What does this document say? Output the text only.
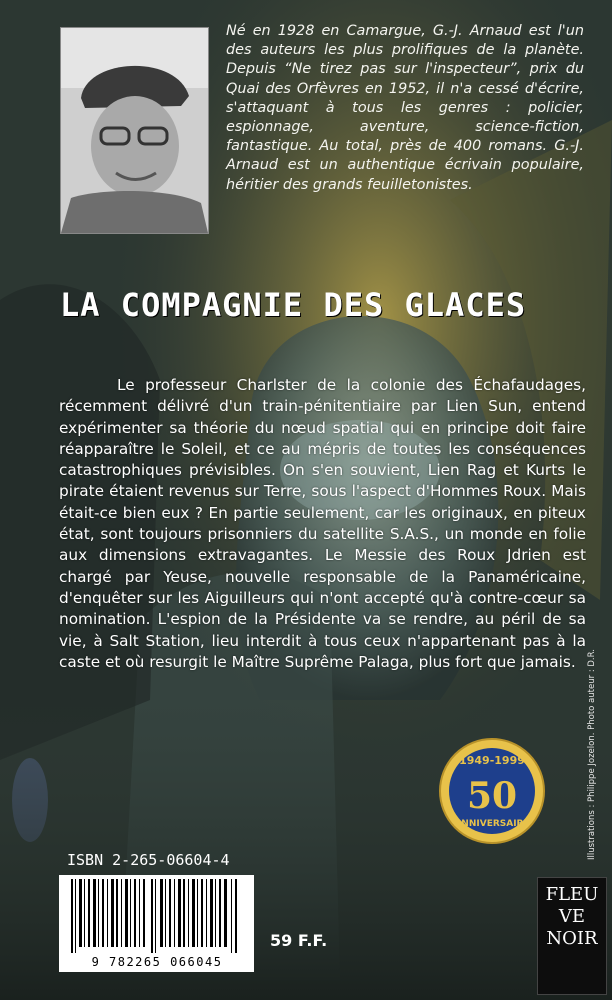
Né en 1928 en Camargue, G.-J. Arnaud est l'un des auteurs les plus prolifiques de la planète. Depuis “Ne tirez pas sur l'inspecteur”, prix du Quai des Orfèvres en 1952, il n'a cessé d'écrire, s'attaquant à tous les genres : policier, espionnage, aventure, science-fiction, fantastique. Au total, près de 400 romans. G.-J. Arnaud est un authentique écrivain populaire, héritier des grands feuilletonistes.
LA COMPAGNIE DES GLACES

Le professeur Charlster de la colonie des Échafaudages, récemment délivré d'un train-pénitentiaire par Lien Sun, entend expérimenter sa théorie du nœud spatial qui en principe doit faire réapparaître le Soleil, et ce au mépris de toutes les conséquences catastrophiques prévisibles. On s'en souvient, Lien Rag et Kurts le pirate étaient revenus sur Terre, sous l'aspect d'Hommes Roux. Mais était-ce bien eux ? En partie seulement, car les originaux, en piteux état, sont toujours prisonniers du satellite S.A.S., un monde en folie aux dimensions extravagantes. Le Messie des Roux Jdrien est chargé par Yeuse, nouvelle responsable de la Panaméricaine, d'enquêter sur les Aiguilleurs qui n'ont accepté qu'à contre-cœur sa nomination. L'espion de la Présidente va se rendre, au péril de sa vie, à Salt Station, lieu interdit à tous ceux n'appartenant pas à la caste et où resurgit le Maître Suprême Palaga, plus fort que jamais.	Illustrations : Philippe Jozelon. Photo auteur : D.R.
1949-1999
50
ANNIVERSAIRE
ISBN 2-265-06604-4
9 782265 066045
59 F.F.
FLEU
VE
NOIR
